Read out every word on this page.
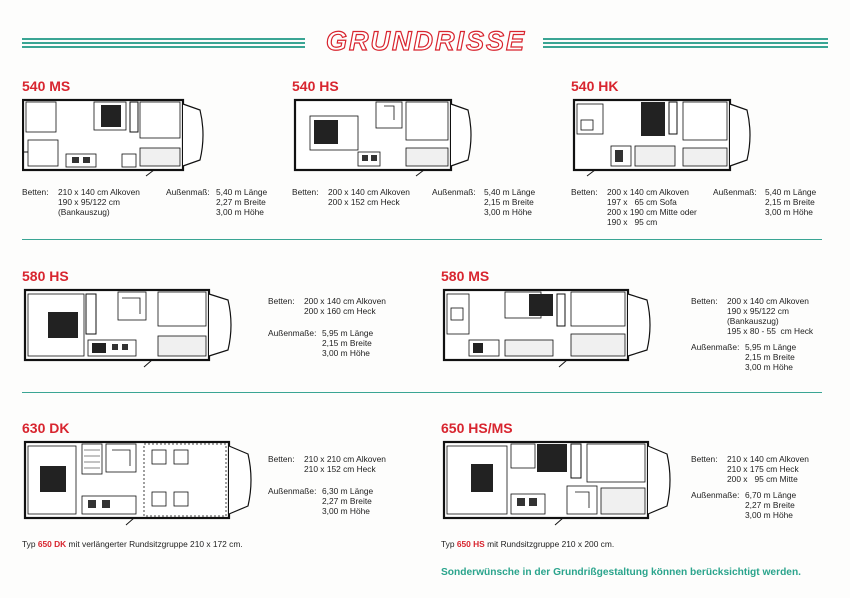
GRUNDRISSE
540 MS
Betten:	210 x 140 cm Alkoven	Außenmaß: 5,40 m Länge
190 x 95/122 cm	2,27 m Breite
(Bankauszug)	3,00 m Höhe
540 HS
Betten:	200 x 140 cm Alkoven	Außenmaß: 5,40 m Länge
200 x 152 cm Heck	2,15 m Breite
3,00 m Höhe
540 HK
Betten:	200 x 140 cm Alkoven	Außenmaß: 5,40 m Länge
197 x   65 cm Sofa	2,15 m Breite
200 x 190 cm Mitte oder	3,00 m Höhe
190 x   95 cm
580 HS
Betten:	200 x 140 cm Alkoven
200 x 160 cm Heck
Außenmaße: 5,95 m Länge
2,15 m Breite
3,00 m Höhe
580 MS
Betten:	200 x 140 cm Alkoven
190 x 95/122 cm
(Bankauszug)
195 x 80 - 55  cm Heck
Außenmaße: 5,95 m Länge
2,15 m Breite
3,00 m Höhe
630 DK
Betten:	210 x 210 cm Alkoven
210 x 152 cm Heck
Außenmaße: 6,30 m Länge
2,27 m Breite
3,00 m Höhe
Typ 650 DK mit verlängerter Rundsitzgruppe 210 x 172 cm.
650 HS/MS
Betten:	210 x 140 cm Alkoven
210 x 175 cm Heck
200 x   95 cm Mitte
Außenmaße: 6,70 m Länge
2,27 m Breite
3,00 m Höhe
Typ 650 HS mit Rundsitzgruppe 210 x 200 cm.
Sonderwünsche in der Grundrißgestaltung können berücksichtigt werden.
